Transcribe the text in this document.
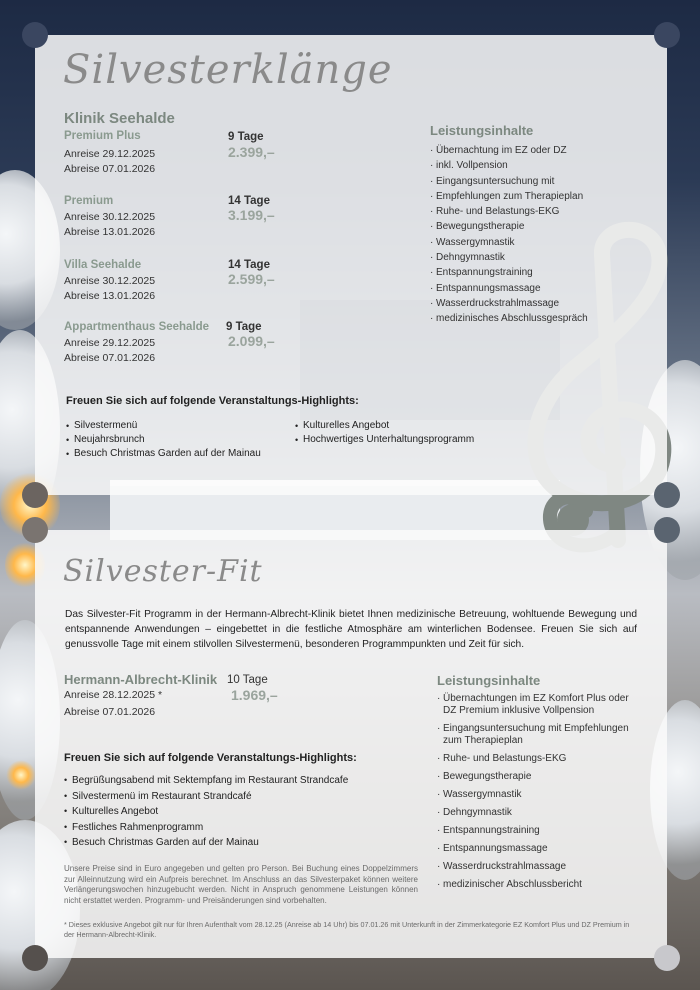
Silvesterklänge
Klinik Seehalde
Premium Plus	9 Tage
Anreise 29.12.2025	2.399,–
Abreise 07.01.2026
Premium	14 Tage
Anreise 30.12.2025	3.199,–
Abreise 13.01.2026
Villa Seehalde	14 Tage
Anreise 30.12.2025	2.599,–
Abreise 13.01.2026
Appartmenthaus Seehalde 9 Tage
Anreise 29.12.2025	2.099,–
Abreise 07.01.2026
Leistungsinhalte
· Übernachtung im EZ oder DZ
· inkl. Vollpension
· Eingangsuntersuchung mit
· Empfehlungen zum Therapieplan
· Ruhe- und Belastungs-EKG
· Bewegungstherapie
· Wassergymnastik
· Dehngymnastik
· Entspannungstraining
· Entspannungsmassage
· Wasserdruckstrahlmassage
· medizinisches Abschlussgespräch
Freuen Sie sich auf folgende Veranstaltungs-Highlights:
• Silvestermenü
• Neujahrsbrunch
• Besuch Christmas Garden auf der Mainau
• Kulturelles Angebot
• Hochwertiges Unterhaltungsprogramm
Silvester-Fit
Das Silvester-Fit Programm in der Hermann-Albrecht-Klinik bietet Ihnen medizinische Betreuung, wohltuende Bewegung und entspannende Anwendungen – eingebettet in die festliche Atmosphäre am winterlichen Bodensee. Freuen Sie sich auf genussvolle Tage mit einem stilvollen Silvestermenü, besonderen Programmpunkten und Zeit für sich.
Hermann-Albrecht-Klinik 10 Tage
Anreise 28.12.2025 *	1.969,–
Abreise 07.01.2026
Leistungsinhalte
· Übernachtungen im EZ Komfort Plus oder DZ Premium inklusive Vollpension
· Eingangsuntersuchung mit Empfehlungen zum Therapieplan
· Ruhe- und Belastungs-EKG
· Bewegungstherapie
· Wassergymnastik
· Dehngymnastik
· Entspannungstraining
· Entspannungsmassage
· Wasserdruckstrahlmassage
· medizinischer Abschlussbericht
Freuen Sie sich auf folgende Veranstaltungs-Highlights:
• Begrüßungsabend mit Sektempfang im Restaurant Strandcafe
• Silvestermenü im Restaurant Strandcafé
• Kulturelles Angebot
• Festliches Rahmenprogramm
• Besuch Christmas Garden auf der Mainau
Unsere Preise sind in Euro angegeben und gelten pro Person. Bei Buchung eines Doppelzimmers zur Alleinnutzung wird ein Aufpreis berechnet. Im Anschluss an das Silvesterpaket können weitere Verlängerungswochen hinzugebucht werden. Nicht in Anspruch genommene Leistungen können nicht erstattet werden. Programm- und Preisänderungen sind vorbehalten.
* Dieses exklusive Angebot gilt nur für Ihren Aufenthalt vom 28.12.25 (Anreise ab 14 Uhr) bis 07.01.26 mit Unterkunft in der Zimmerkategorie EZ Komfort Plus und DZ Premium in der Hermann-Albrecht-Klinik.
